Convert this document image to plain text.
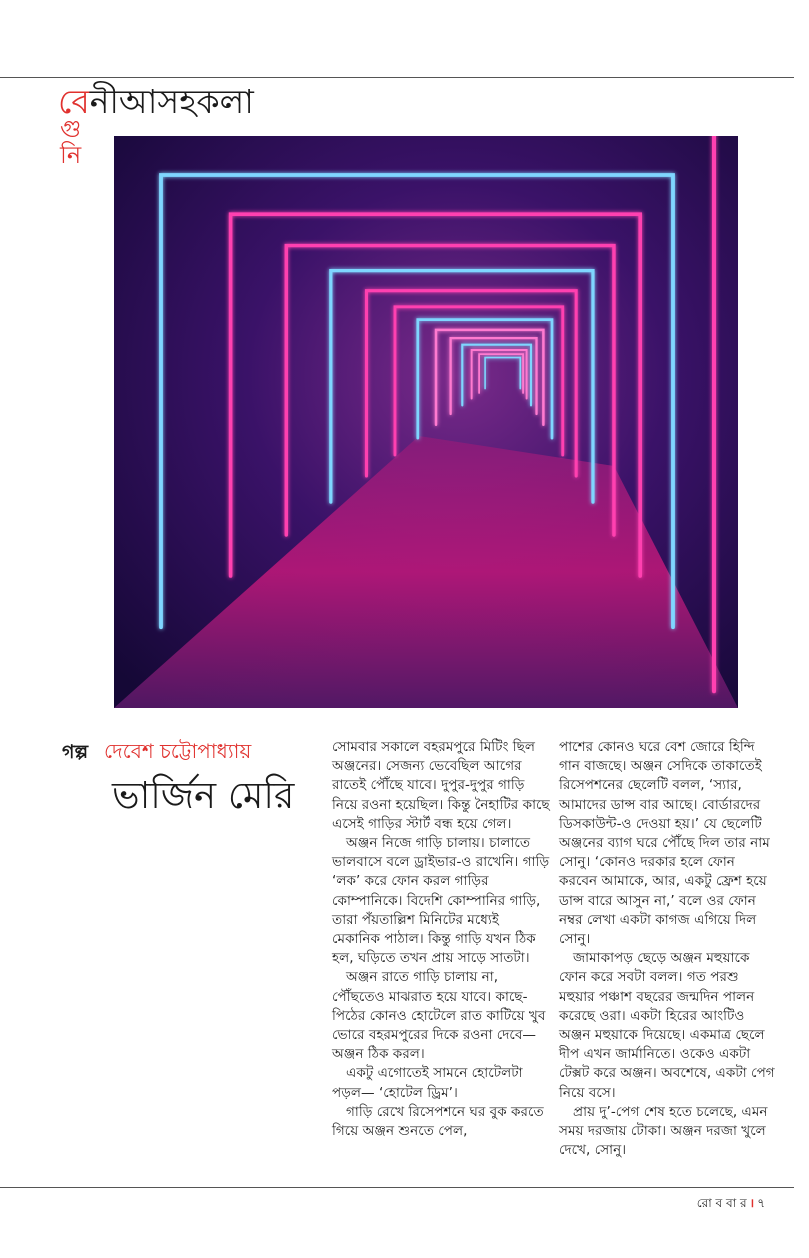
বেনীআসহকলা
গু
নি
গল্প দেবেশ চট্টোপাধ্যায়
ভার্জিন মেরি

সোমবার সকালে বহরমপুরে মিটিং ছিল অঞ্জনের। সেজন্য ভেবেছিল আগের রাতেই পৌঁছে যাবে। দুপুর-দুপুর গাড়ি নিয়ে রওনা হয়েছিল। কিন্তু নৈহাটির কাছে এসেই গাড়ির স্টার্ট বন্ধ হয়ে গেল।

অঞ্জন নিজে গাড়ি চালায়। চালাতে ভালবাসে বলে ড্রাইভার-ও রাখেনি। গাড়ি ‘লক’ করে ফোন করল গাড়ির কোম্পানিকে। বিদেশি কোম্পানির গাড়ি, তারা পঁয়তাল্লিশ মিনিটের মধ্যেই মেকানিক পাঠাল। কিন্তু গাড়ি যখন ঠিক হল, ঘড়িতে তখন প্রায় সাড়ে সাতটা।

অঞ্জন রাতে গাড়ি চালায় না, পৌঁছতেও মাঝরাত হয়ে যাবে। কাছে-পিঠের কোনও হোটেলে রাত কাটিয়ে খুব ভোরে বহরমপুরের দিকে রওনা দেবে— অঞ্জন ঠিক করল।

একটু এগোতেই সামনে হোটেলটা পড়ল— ‘হোটেল ড্রিম’।

গাড়ি রেখে রিসেপশনে ঘর বুক করতে গিয়ে অঞ্জন শুনতে পেল,

পাশের কোনও ঘরে বেশ জোরে হিন্দি গান বাজছে। অঞ্জন সেদিকে তাকাতেই রিসেপশনের ছেলেটি বলল, ‘স্যার, আমাদের ডান্স বার আছে। বোর্ডারদের ডিসকাউন্ট-ও দেওয়া হয়।’ যে ছেলেটি অঞ্জনের ব্যাগ ঘরে পৌঁছে দিল তার নাম সোনু। ‘কোনও দরকার হলে ফোন করবেন আমাকে, আর, একটু ফ্রেশ হয়ে ডান্স বারে আসুন না,’ বলে ওর ফোন নম্বর লেখা একটা কাগজ এগিয়ে দিল সোনু।

জামাকাপড় ছেড়ে অঞ্জন মহুয়াকে ফোন করে সবটা বলল। গত পরশু মহুয়ার পঞ্চাশ বছরের জন্মদিন পালন করেছে ওরা। একটা হিরের আংটিও অঞ্জন মহুয়াকে দিয়েছে। একমাত্র ছেলে দীপ এখন জার্মানিতে। ওকেও একটা টেক্সট করে অঞ্জন। অবশেষে, একটা পেগ নিয়ে বসে।

প্রায় দু’-পেগ শেষ হতে চলেছে, এমন সময় দরজায় টোকা। অঞ্জন দরজা খুলে দেখে, সোনু।

রো ব বা র । ৭
